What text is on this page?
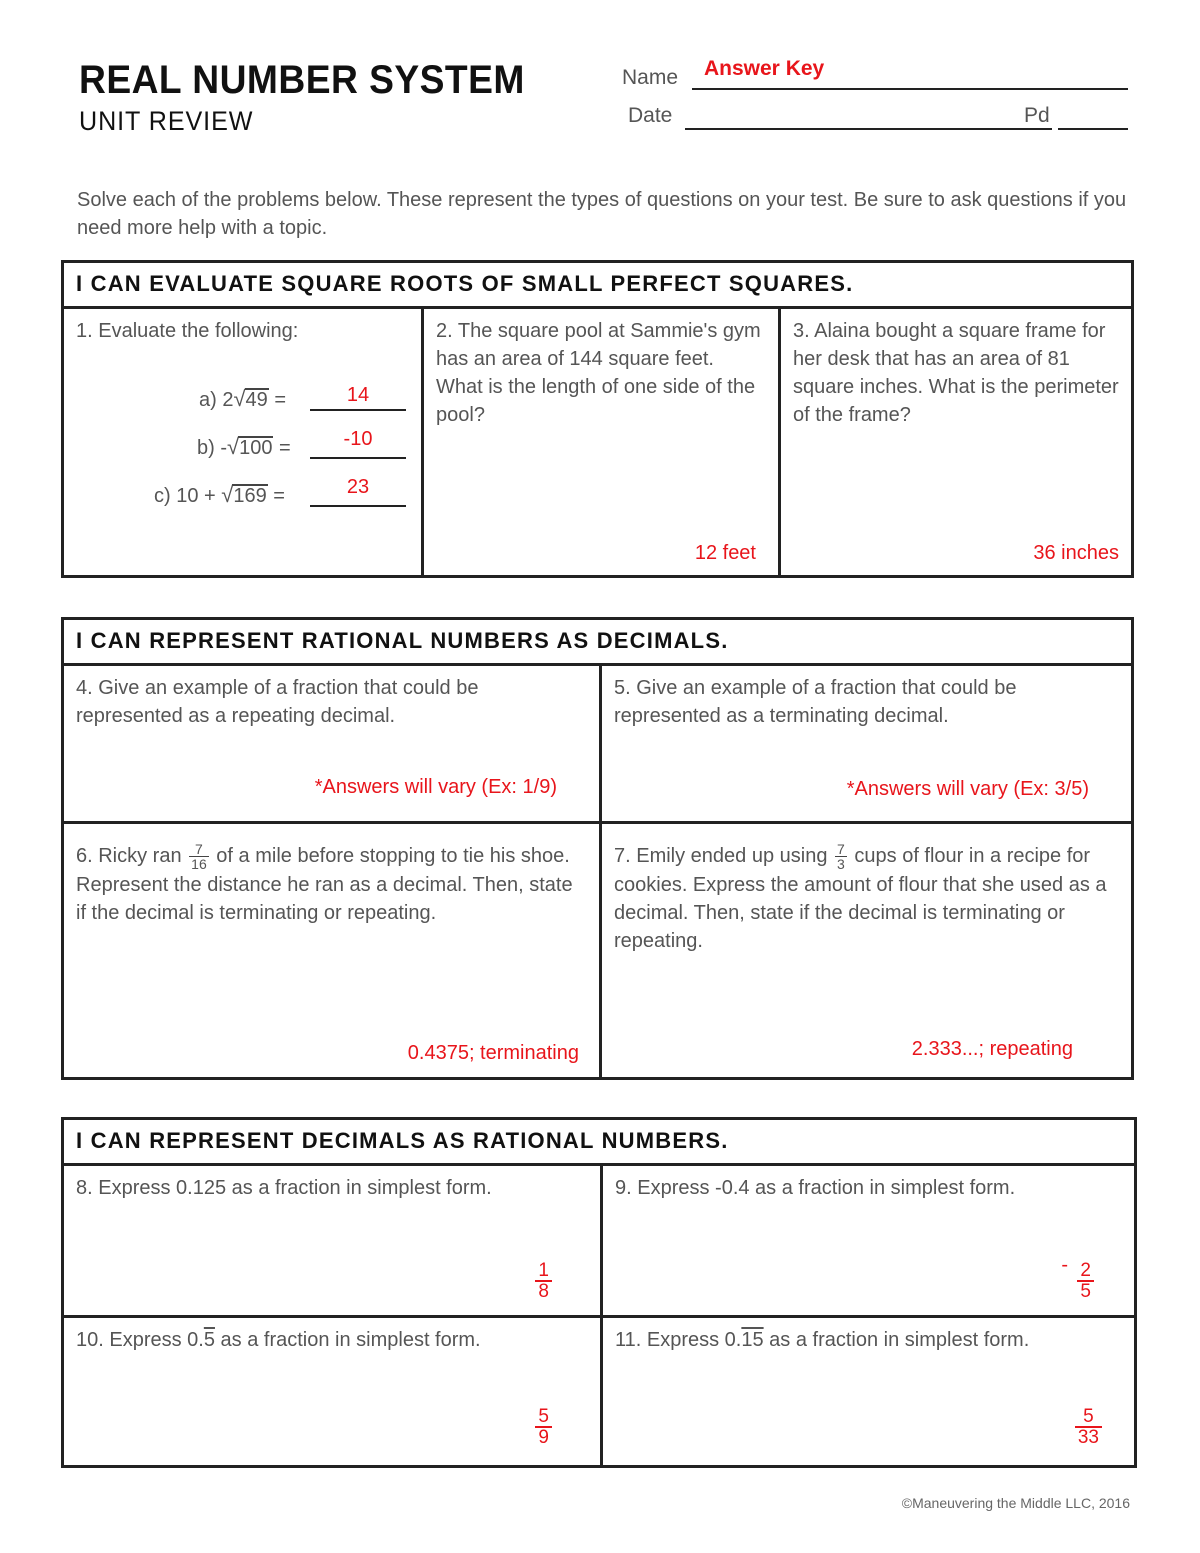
REAL NUMBER SYSTEM
UNIT REVIEW
Name Answer Key
Date	Pd
Solve each of the problems below. These represent the types of questions on your test. Be sure to ask questions if you need more help with a topic.
I CAN EVALUATE SQUARE ROOTS OF SMALL PERFECT SQUARES.
1. Evaluate the following:
a) 2√49 =	14
b) -√100 =	-10
c) 10 + √169 =	23
2. The square pool at Sammie's gym has an area of 144 square feet. What is the length of one side of the pool?
12 feet
3. Alaina bought a square frame for her desk that has an area of 81 square inches. What is the perimeter of the frame?
36 inches
I CAN REPRESENT RATIONAL NUMBERS AS DECIMALS.
4. Give an example of a fraction that could be represented as a repeating decimal.
*Answers will vary (Ex: 1/9)
5. Give an example of a fraction that could be represented as a terminating decimal.
*Answers will vary (Ex: 3/5)
6. Ricky ran $\frac{7}{16}$ of a mile before stopping to tie his shoe. Represent the distance he ran as a decimal. Then, state if the decimal is terminating or repeating.
0.4375; terminating
7. Emily ended up using $\frac{7}{3}$ cups of flour in a recipe for cookies. Express the amount of flour that she used as a decimal. Then, state if the decimal is terminating or repeating.
2.333...; repeating
I CAN REPRESENT DECIMALS AS RATIONAL NUMBERS.
8. Express 0.125 as a fraction in simplest form.
$\frac{1}{8}$
9. Express -0.4 as a fraction in simplest form.
- $\frac{2}{5}$
10. Express 0.5 as a fraction in simplest form.
$\frac{5}{9}$
11. Express 0.15 as a fraction in simplest form.
$\frac{5}{33}$
©Maneuvering the Middle LLC, 2016
